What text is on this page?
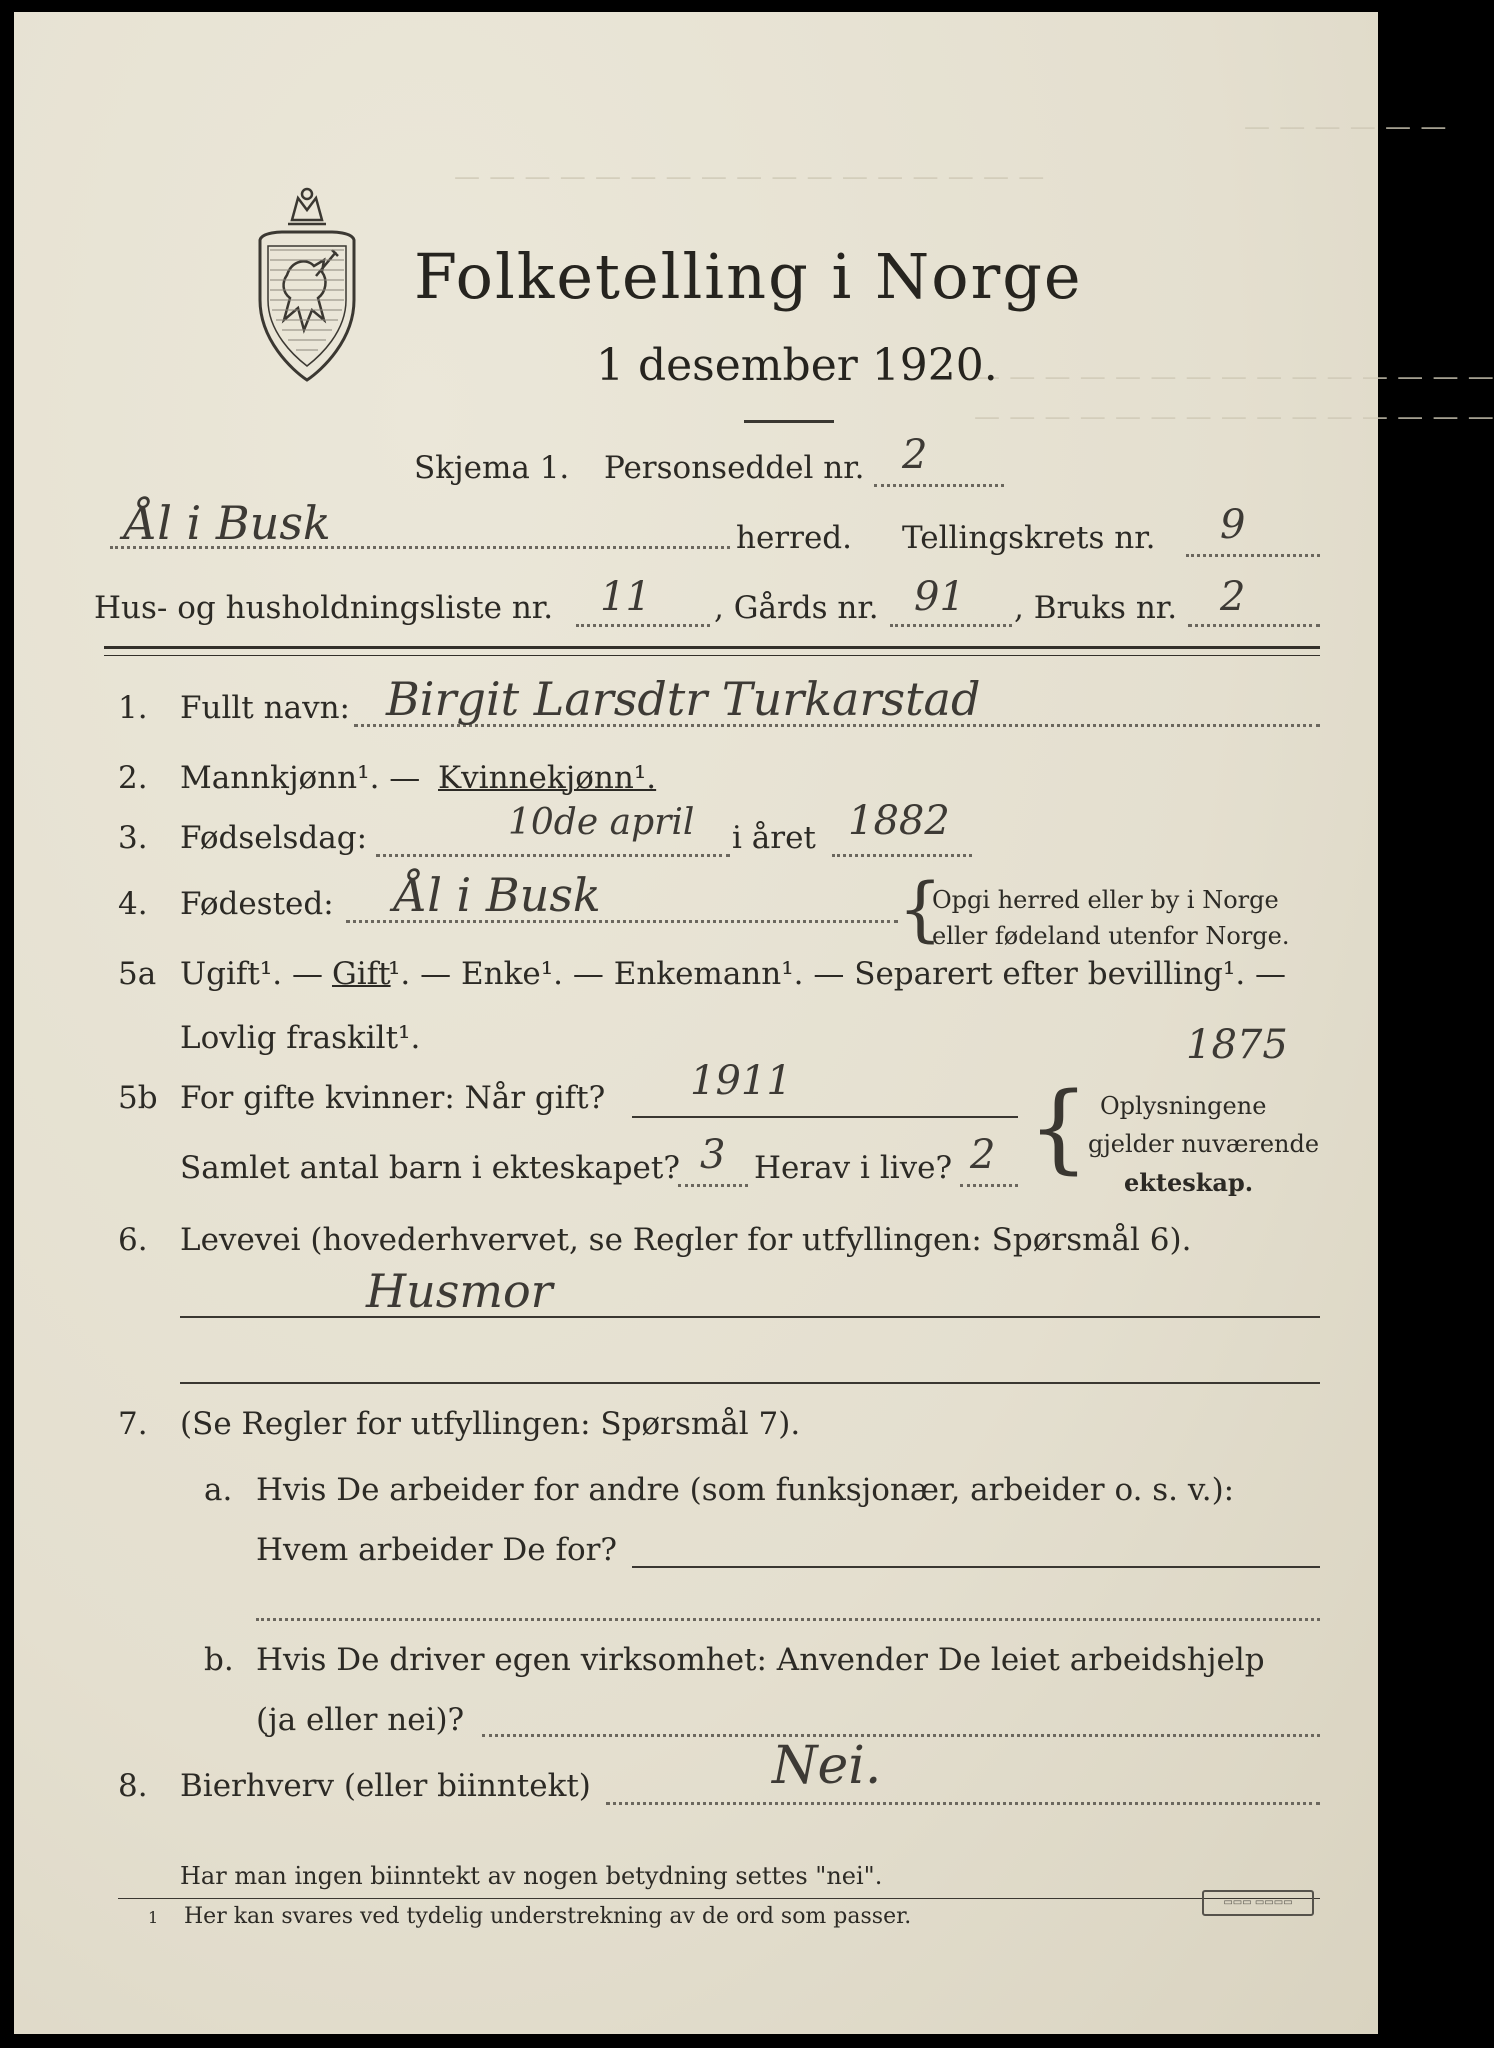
— — — — — —
— — — — — — — — — — — — — — — — —
— — — — — — — — — — — — — — —
— — — — — — — — — — — — — — —
Folketelling i Norge
1 desember 1920.
Skjema 1. Personseddel nr. 2
Ål i Busk	herred. Tellingskrets nr. 9
Hus- og husholdningsliste nr. 11 , Gårds nr. 91 , Bruks nr. 2
1. Fullt navn: Birgit Larsdtr Turkarstad
2. Mannkjønn¹. — Kvinnekjønn¹.
3. Fødselsdag:	10de april i året 1882
4. Fødested: Ål i Busk	{
Opgi herred eller by i Norge
eller fødeland utenfor Norge.
5a Ugift¹. — Gift
¹. — Enke¹. — Enkemann¹. — Separert efter bevilling¹. —
Lovlig fraskilt¹.	1875
5b For gifte kvinner: Når gift? 1911
Samlet antal barn i ekteskapet? 3 Herav i live? 2 { Oplysningene
gjelder nuværende
ekteskap.
6. Levevei (hovederhvervet, se Regler for utfyllingen: Spørsmål 6).
Husmor
7. (Se Regler for utfyllingen: Spørsmål 7).
a. Hvis De arbeider for andre (som funksjonær, arbeider o. s. v.):
Hvem arbeider De for?
b. Hvis De driver egen virksomhet: Anvender De leiet arbeidshjelp
(ja eller nei)?
8. Bierhverv (eller biinntekt)	Nei.
Har man ingen biinntekt av nogen betydning settes "nei".
1 Her kan svares ved tydelig understrekning av de ord som passer.
▭▭▭ ▭▭▭▭
